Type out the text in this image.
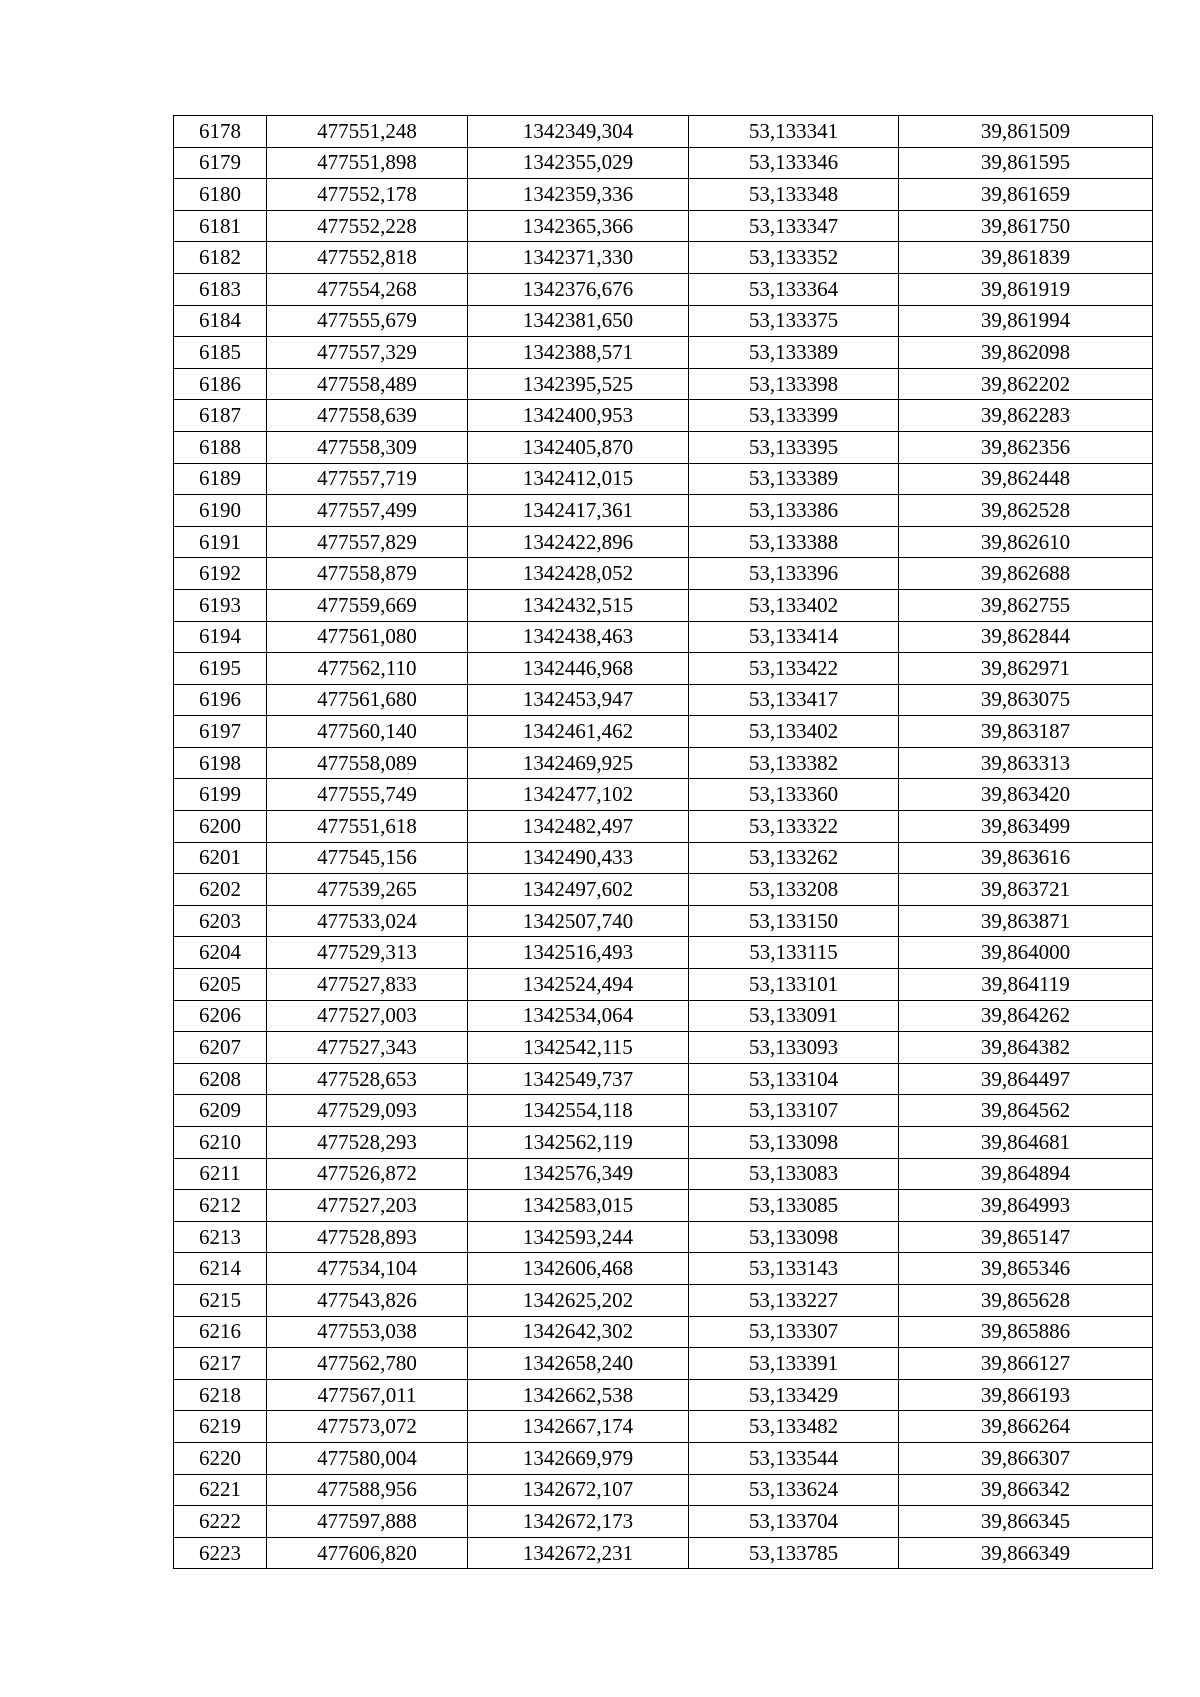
6178	477551,248	1342349,304	53,133341	39,861509
6179	477551,898	1342355,029	53,133346	39,861595
6180	477552,178	1342359,336	53,133348	39,861659
6181	477552,228	1342365,366	53,133347	39,861750
6182	477552,818	1342371,330	53,133352	39,861839
6183	477554,268	1342376,676	53,133364	39,861919
6184	477555,679	1342381,650	53,133375	39,861994
6185	477557,329	1342388,571	53,133389	39,862098
6186	477558,489	1342395,525	53,133398	39,862202
6187	477558,639	1342400,953	53,133399	39,862283
6188	477558,309	1342405,870	53,133395	39,862356
6189	477557,719	1342412,015	53,133389	39,862448
6190	477557,499	1342417,361	53,133386	39,862528
6191	477557,829	1342422,896	53,133388	39,862610
6192	477558,879	1342428,052	53,133396	39,862688
6193	477559,669	1342432,515	53,133402	39,862755
6194	477561,080	1342438,463	53,133414	39,862844
6195	477562,110	1342446,968	53,133422	39,862971
6196	477561,680	1342453,947	53,133417	39,863075
6197	477560,140	1342461,462	53,133402	39,863187
6198	477558,089	1342469,925	53,133382	39,863313
6199	477555,749	1342477,102	53,133360	39,863420
6200	477551,618	1342482,497	53,133322	39,863499
6201	477545,156	1342490,433	53,133262	39,863616
6202	477539,265	1342497,602	53,133208	39,863721
6203	477533,024	1342507,740	53,133150	39,863871
6204	477529,313	1342516,493	53,133115	39,864000
6205	477527,833	1342524,494	53,133101	39,864119
6206	477527,003	1342534,064	53,133091	39,864262
6207	477527,343	1342542,115	53,133093	39,864382
6208	477528,653	1342549,737	53,133104	39,864497
6209	477529,093	1342554,118	53,133107	39,864562
6210	477528,293	1342562,119	53,133098	39,864681
6211	477526,872	1342576,349	53,133083	39,864894
6212	477527,203	1342583,015	53,133085	39,864993
6213	477528,893	1342593,244	53,133098	39,865147
6214	477534,104	1342606,468	53,133143	39,865346
6215	477543,826	1342625,202	53,133227	39,865628
6216	477553,038	1342642,302	53,133307	39,865886
6217	477562,780	1342658,240	53,133391	39,866127
6218	477567,011	1342662,538	53,133429	39,866193
6219	477573,072	1342667,174	53,133482	39,866264
6220	477580,004	1342669,979	53,133544	39,866307
6221	477588,956	1342672,107	53,133624	39,866342
6222	477597,888	1342672,173	53,133704	39,866345
6223	477606,820	1342672,231	53,133785	39,866349
